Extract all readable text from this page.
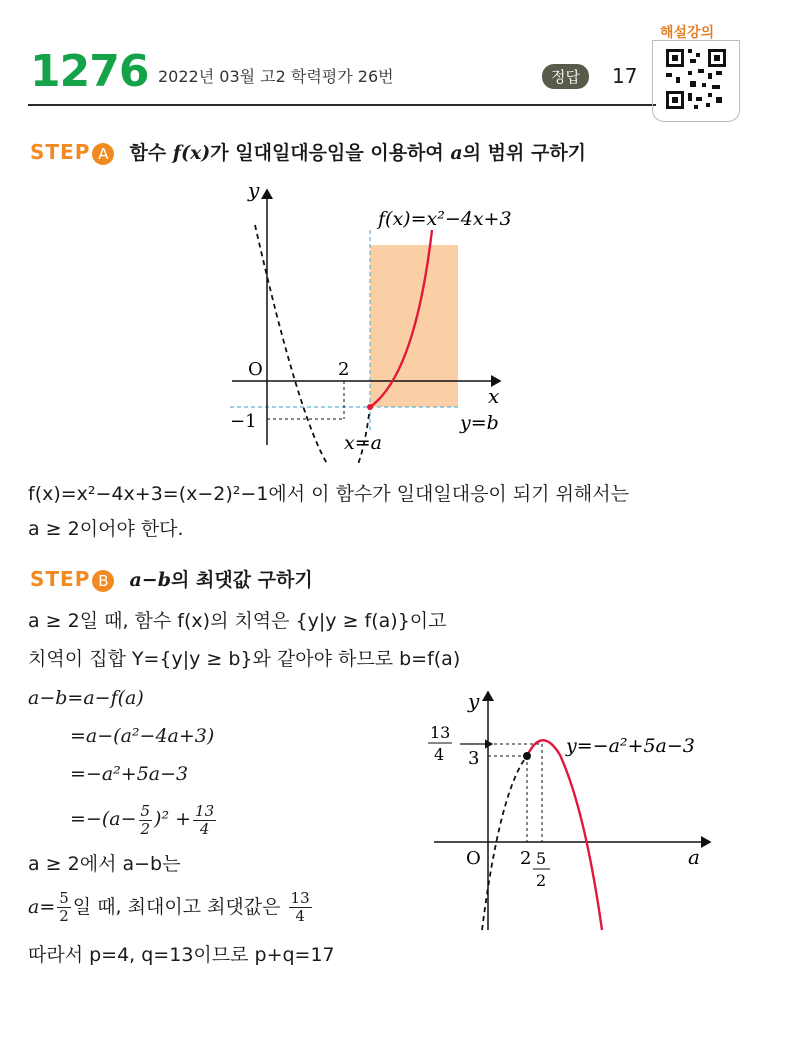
1276 2022년 03월 고2 학력평가 26번	정답	17
해설강의
STEP A 함수 f(x)가 일대일대응임을 이용하여 a의 범위 구하기
y
x
O	2
−1
f(x)=x²−4x+3
x=a
y=b
f(x)=x²−4x+3=(x−2)²−1에서 이 함수가 일대일대응이 되기 위해서는
a ≥ 2이어야 한다.
STEP B a−b의 최댓값 구하기
a ≥ 2일 때, 함수 f(x)의 치역은 {y|y ≥ f(a)}이고
치역이 집합 Y={y|y ≥ b}와 같아야 하므로 b=f(a)
a−b=a−f(a)
=a−(a²−4a+3)
=−a²+5a−3
$=-(a- \frac{5}{2} )^2 + \frac{13}{4}$
a ≥ 2에서 a−b는
$a= \frac{5}{2}$ 일 때, 최대이고 최댓값은 $\frac{13}{4}$
따라서 p=4, q=13이므로 p+q=17
y
a
O 2 5
2
3
13
4	y=−a²+5a−3
